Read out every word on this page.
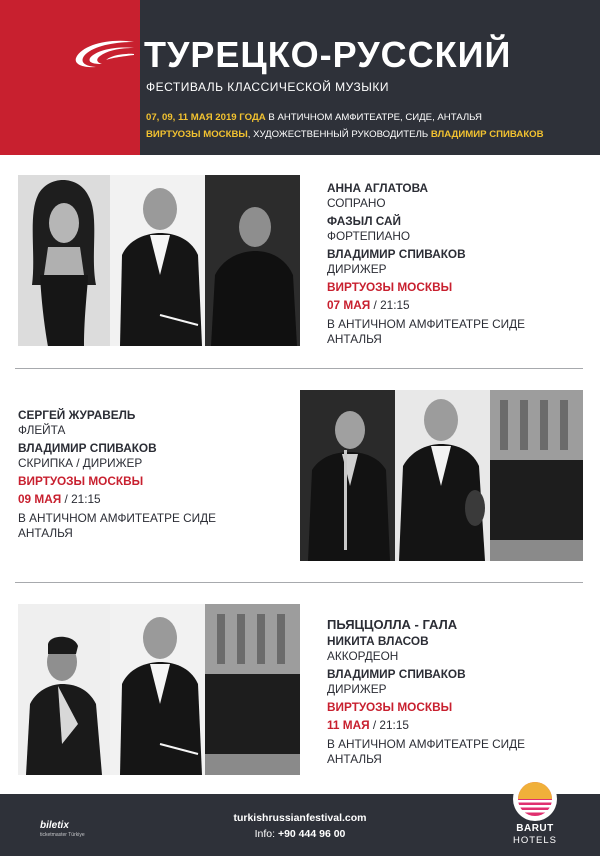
ТУРЕЦКО-РУССКИЙ
ФЕСТИВАЛЬ КЛАССИЧЕСКОЙ МУЗЫКИ
07, 09, 11 МАЯ 2019 ГОДА В АНТИЧНОМ АМФИТЕАТРЕ, СИДЕ, АНТАЛЬЯ
ВИРТУОЗЫ МОСКВЫ, ХУДОЖЕСТВЕННЫЙ РУКОВОДИТЕЛЬ ВЛАДИМИР СПИВАКОВ
АННА АГЛАТОВА
СОПРАНО
ФАЗЫЛ САЙ
ФОРТЕПИАНО
ВЛАДИМИР СПИВАКОВ
ДИРИЖЕР
ВИРТУОЗЫ МОСКВЫ
07 МАЯ / 21:15
В АНТИЧНОМ АМФИТЕАТРЕ СИДЕ
АНТАЛЬЯ
СЕРГЕЙ ЖУРАВЕЛЬ
ФЛЕЙТА
ВЛАДИМИР СПИВАКОВ
СКРИПКА / ДИРИЖЕР
ВИРТУОЗЫ МОСКВЫ
09 МАЯ / 21:15
В АНТИЧНОМ АМФИТЕАТРЕ СИДЕ
АНТАЛЬЯ
ПЬЯЦЦОЛЛА - ГАЛА
НИКИТА ВЛАСОВ
АККОРДЕОН
ВЛАДИМИР СПИВАКОВ
ДИРИЖЕР
ВИРТУОЗЫ МОСКВЫ
11 МАЯ / 21:15
В АНТИЧНОМ АМФИТЕАТРЕ СИДЕ
АНТАЛЬЯ
biletix
ticketmaster Türkiye
turkishrussianfestival.com
Info: +90 444 96 00	BARUT
HOTELS
